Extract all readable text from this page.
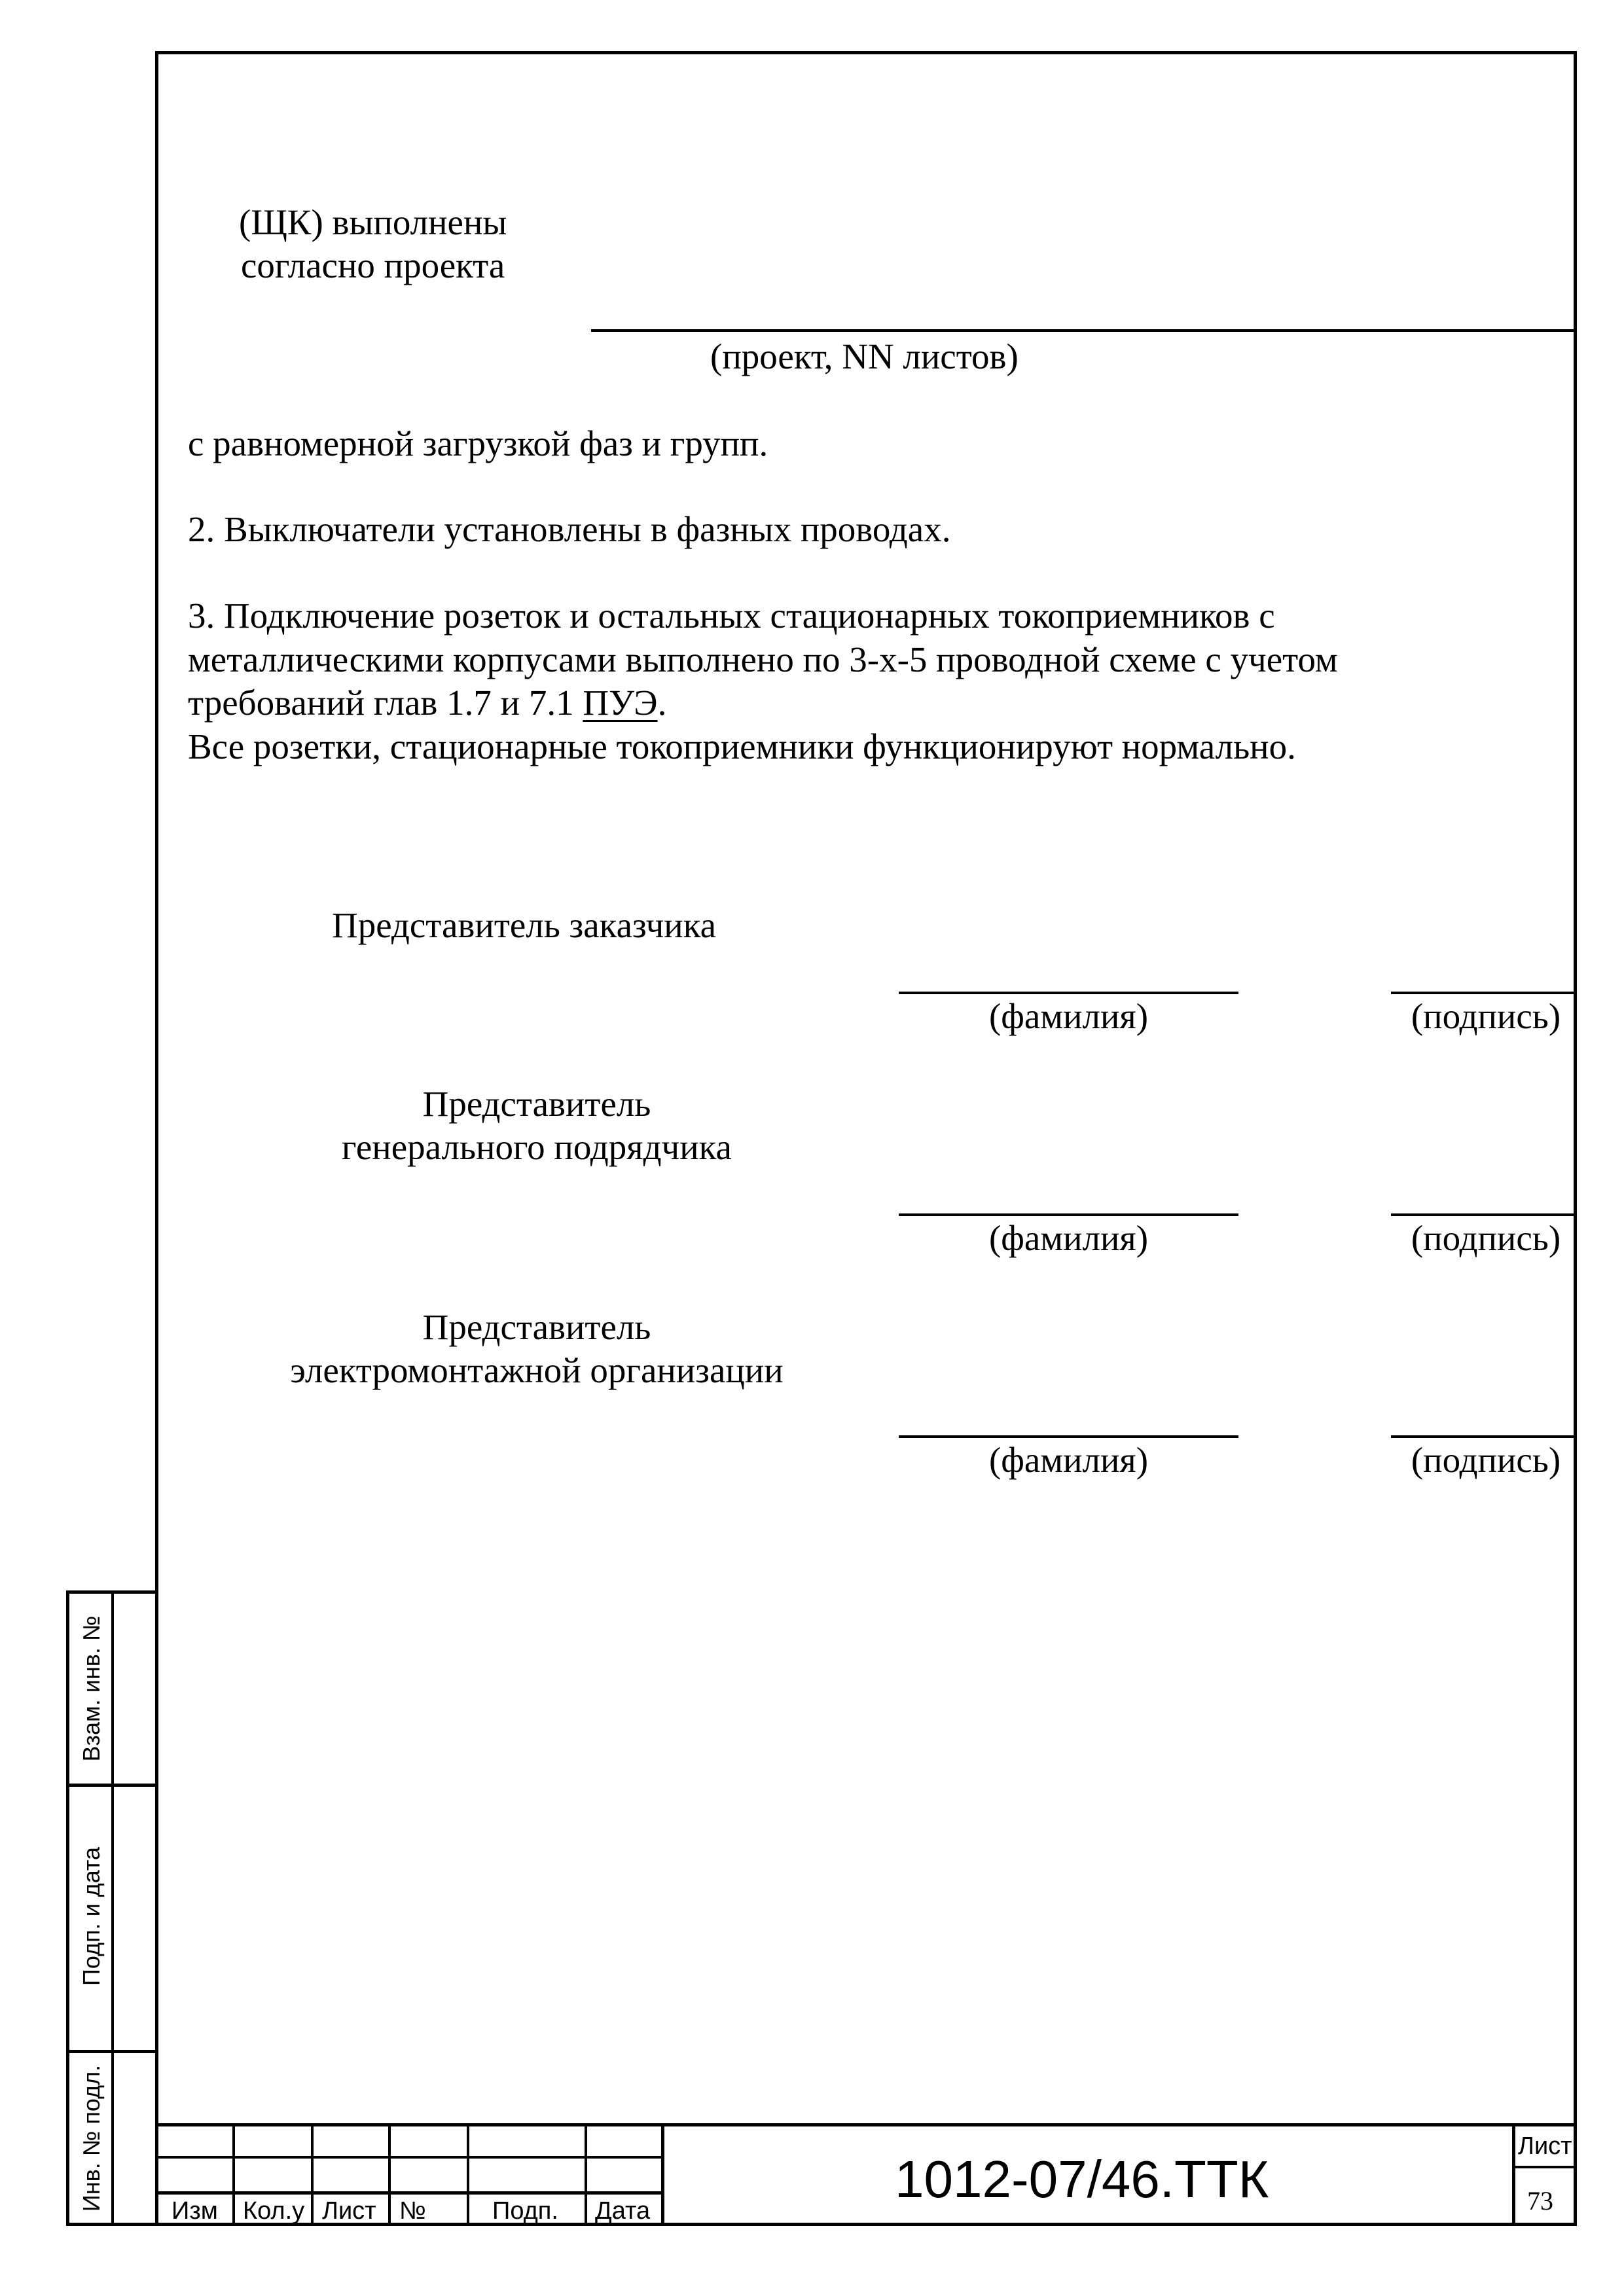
(ЩК) выполнены
согласно проекта
(проект, NN листов)
с равномерной загрузкой фаз и групп.
2. Выключатели установлены в фазных проводах.
3. Подключение розеток и остальных стационарных токоприемников с
металлическими корпусами выполнено по 3-х-5 проводной схеме с учетом
требований глав 1.7 и 7.1 ПУЭ.
Все розетки, стационарные токоприемники функционируют нормально.
Представитель заказчика
(фамилия)	(подпись)
Представитель
генерального подрядчика
(фамилия)	(подпись)
Представитель
электромонтажной организации
(фамилия)	(подпись)
Взам. инв. №
Подп. и дата
Инв. № подл.	Изм Кол.у Лист №	Подп. Дата
1012-07/46.ТТК
Лист
73
